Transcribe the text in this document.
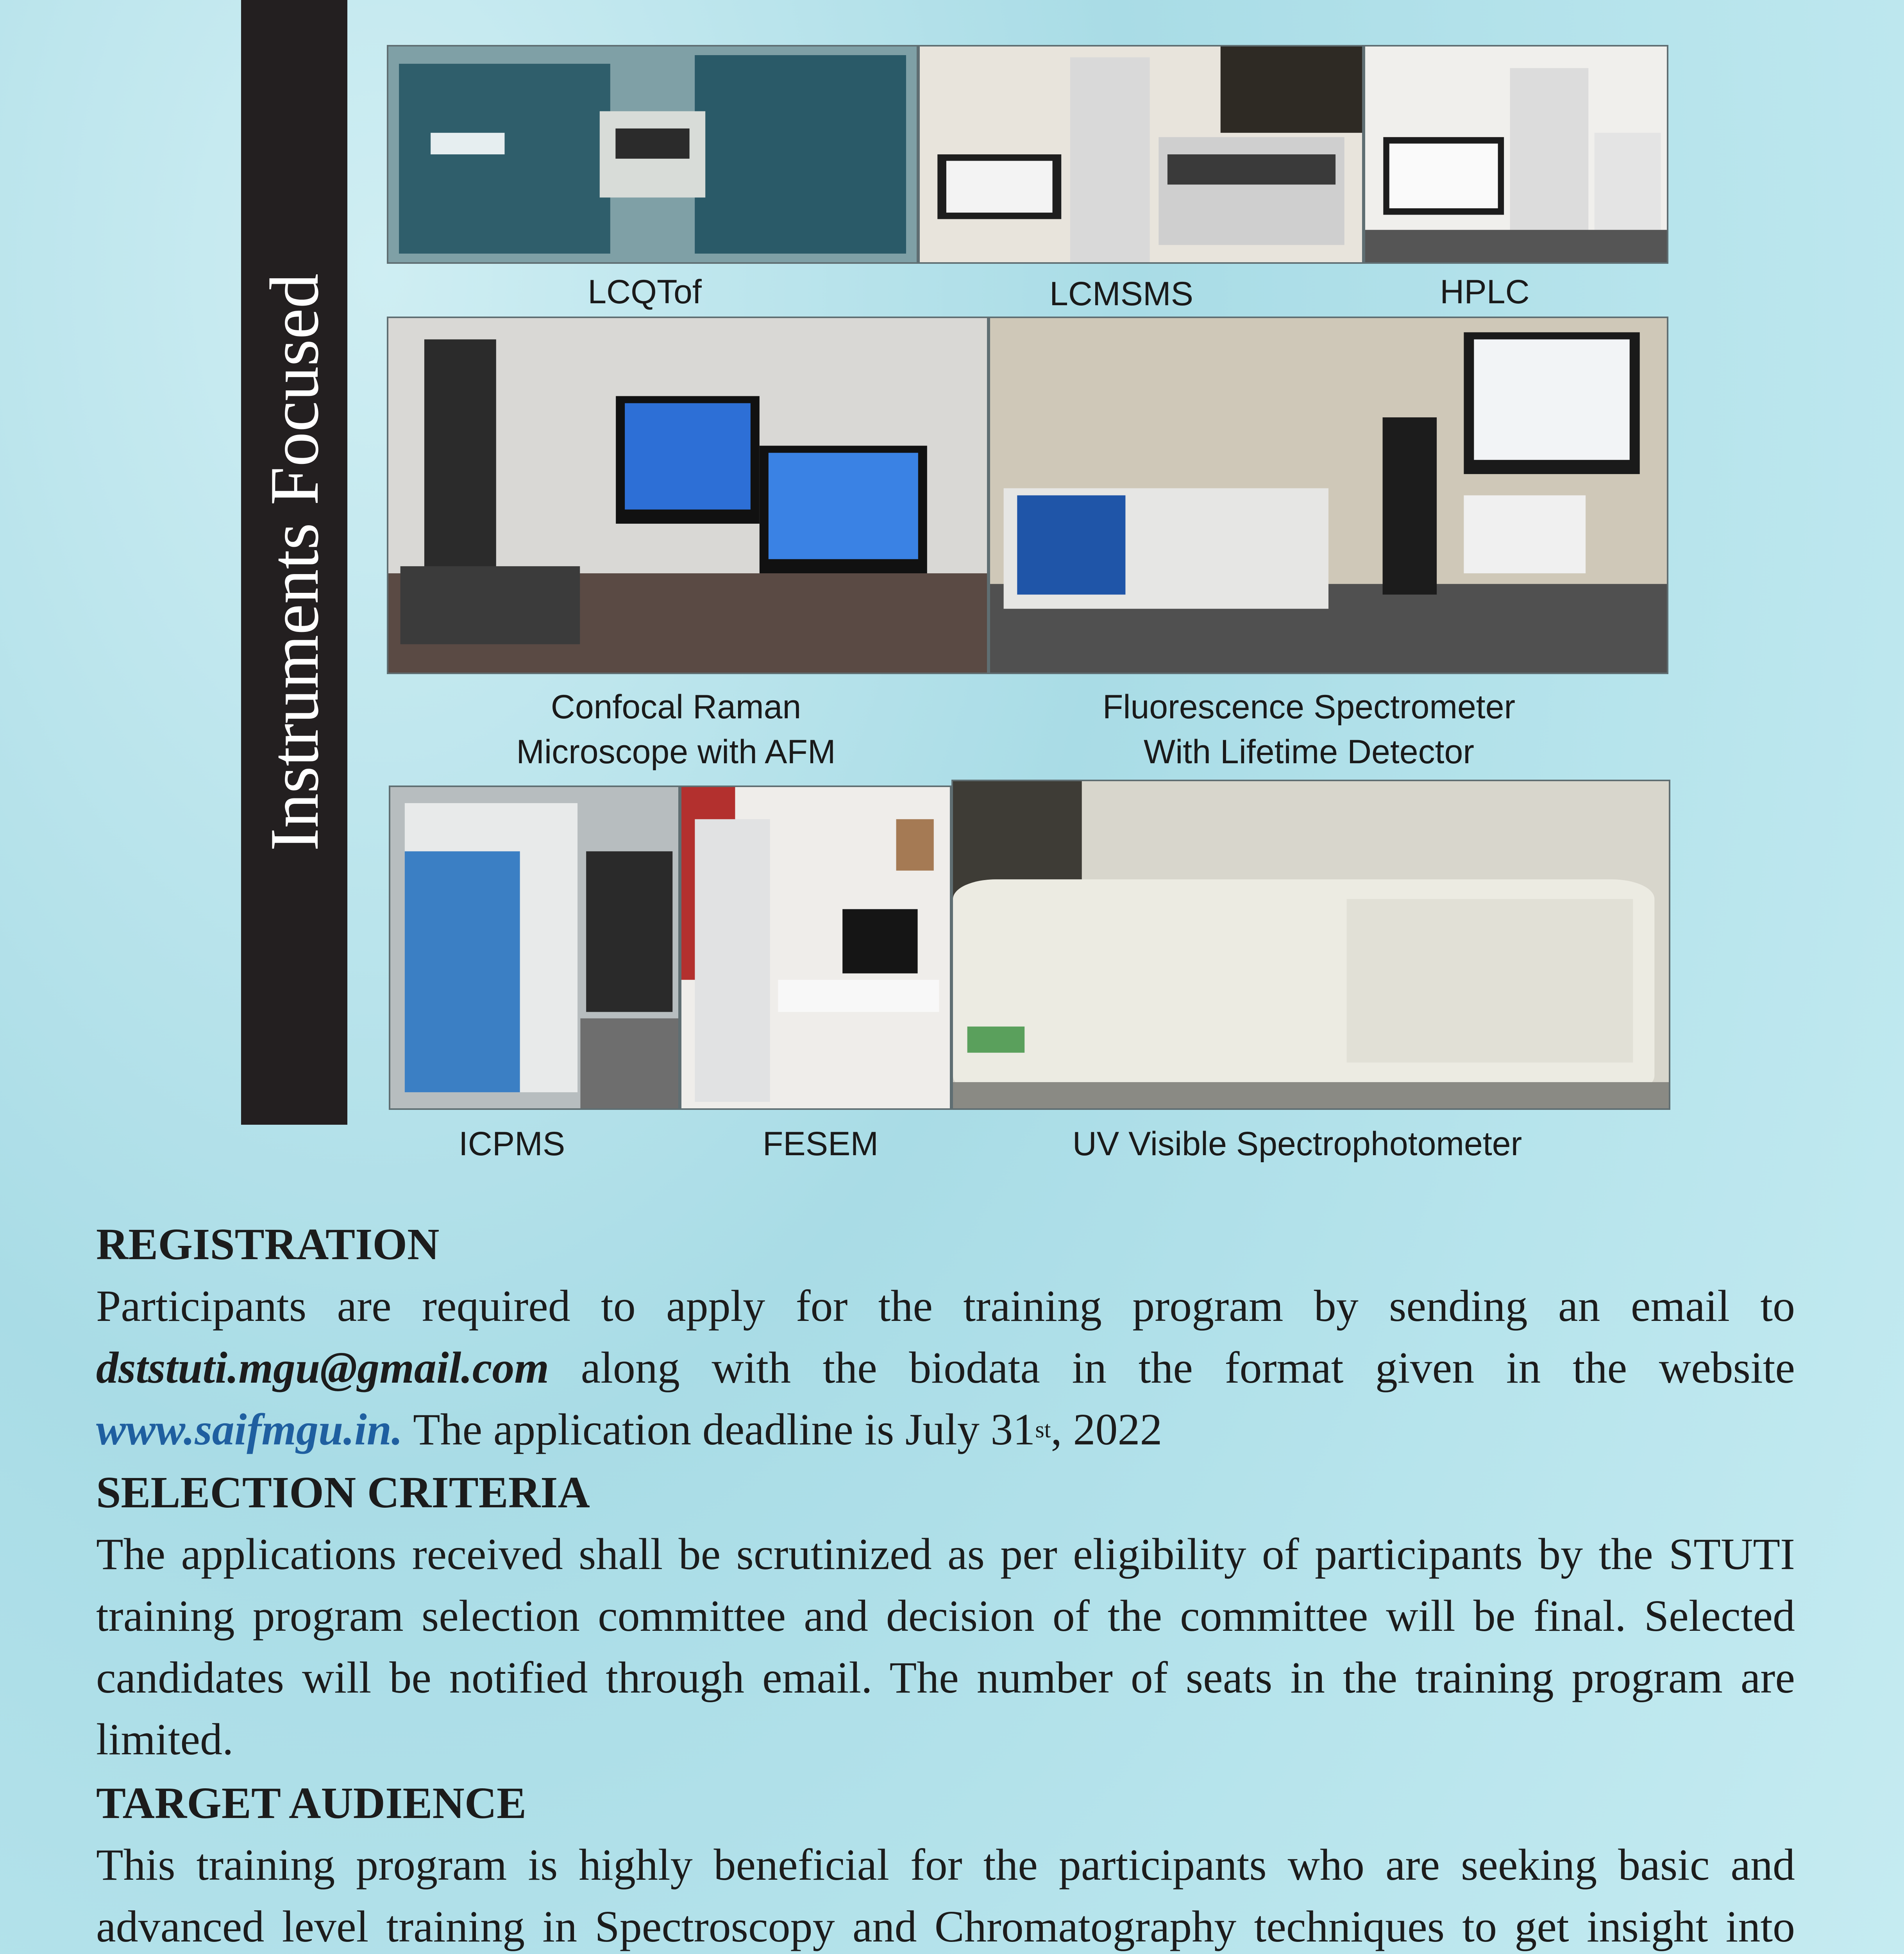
Instruments Focused	LCQTof	LCMSMS	HPLC
Confocal Raman
Microscope with AFM
Fluorescence Spectrometer
With Lifetime Detector
ICPMS	FESEM	UV Visible Spectrophotometer
REGISTRATION
Participants are required to apply for the training program by sending an email to dststuti.mgu@gmail.com along with the biodata in the format given in the website www.saifmgu.in. The application deadline is July 31st, 2022
SELECTION CRITERIA
The applications received shall be scrutinized as per eligibility of participants by the STUTI training program selection committee and decision of the committee will be final. Selected candidates will be notified through email. The number of seats in the training program are limited.
TARGET AUDIENCE
This training program is highly beneficial for the participants who are seeking basic and advanced level training in Spectroscopy and Chromatography techniques to get insight into
